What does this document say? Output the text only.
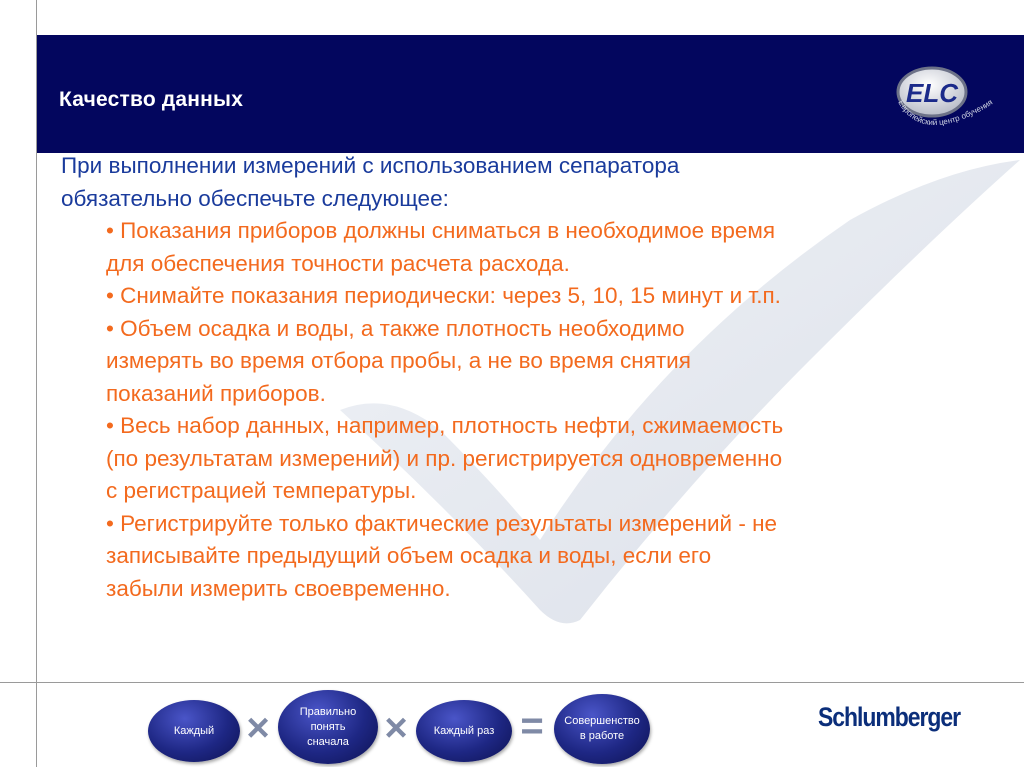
Качество данных	ELC
Европейский центр обучения
При выполнении измерений с использованием сепаратора
обязательно обеспечьте следующее:
• Показания приборов должны сниматься в необходимое время
для обеспечения точности расчета расхода.
• Снимайте показания периодически: через 5, 10, 15 минут и т.п.
• Объем осадка и воды, а также плотность необходимо
измерять во время отбора пробы, а не во время снятия
показаний приборов.
• Весь набор данных, например, плотность нефти, сжимаемость
(по результатам измерений) и пр. регистрируется одновременно
с регистрацией температуры.
• Регистрируйте только фактические результаты измерений - не
записывайте предыдущий объем осадка и воды, если его
забыли измерить своевременно.
Каждый ×	Правильно
понять
сначала ×	Каждый раз =	Совершенство
в работе
Schlumberger
